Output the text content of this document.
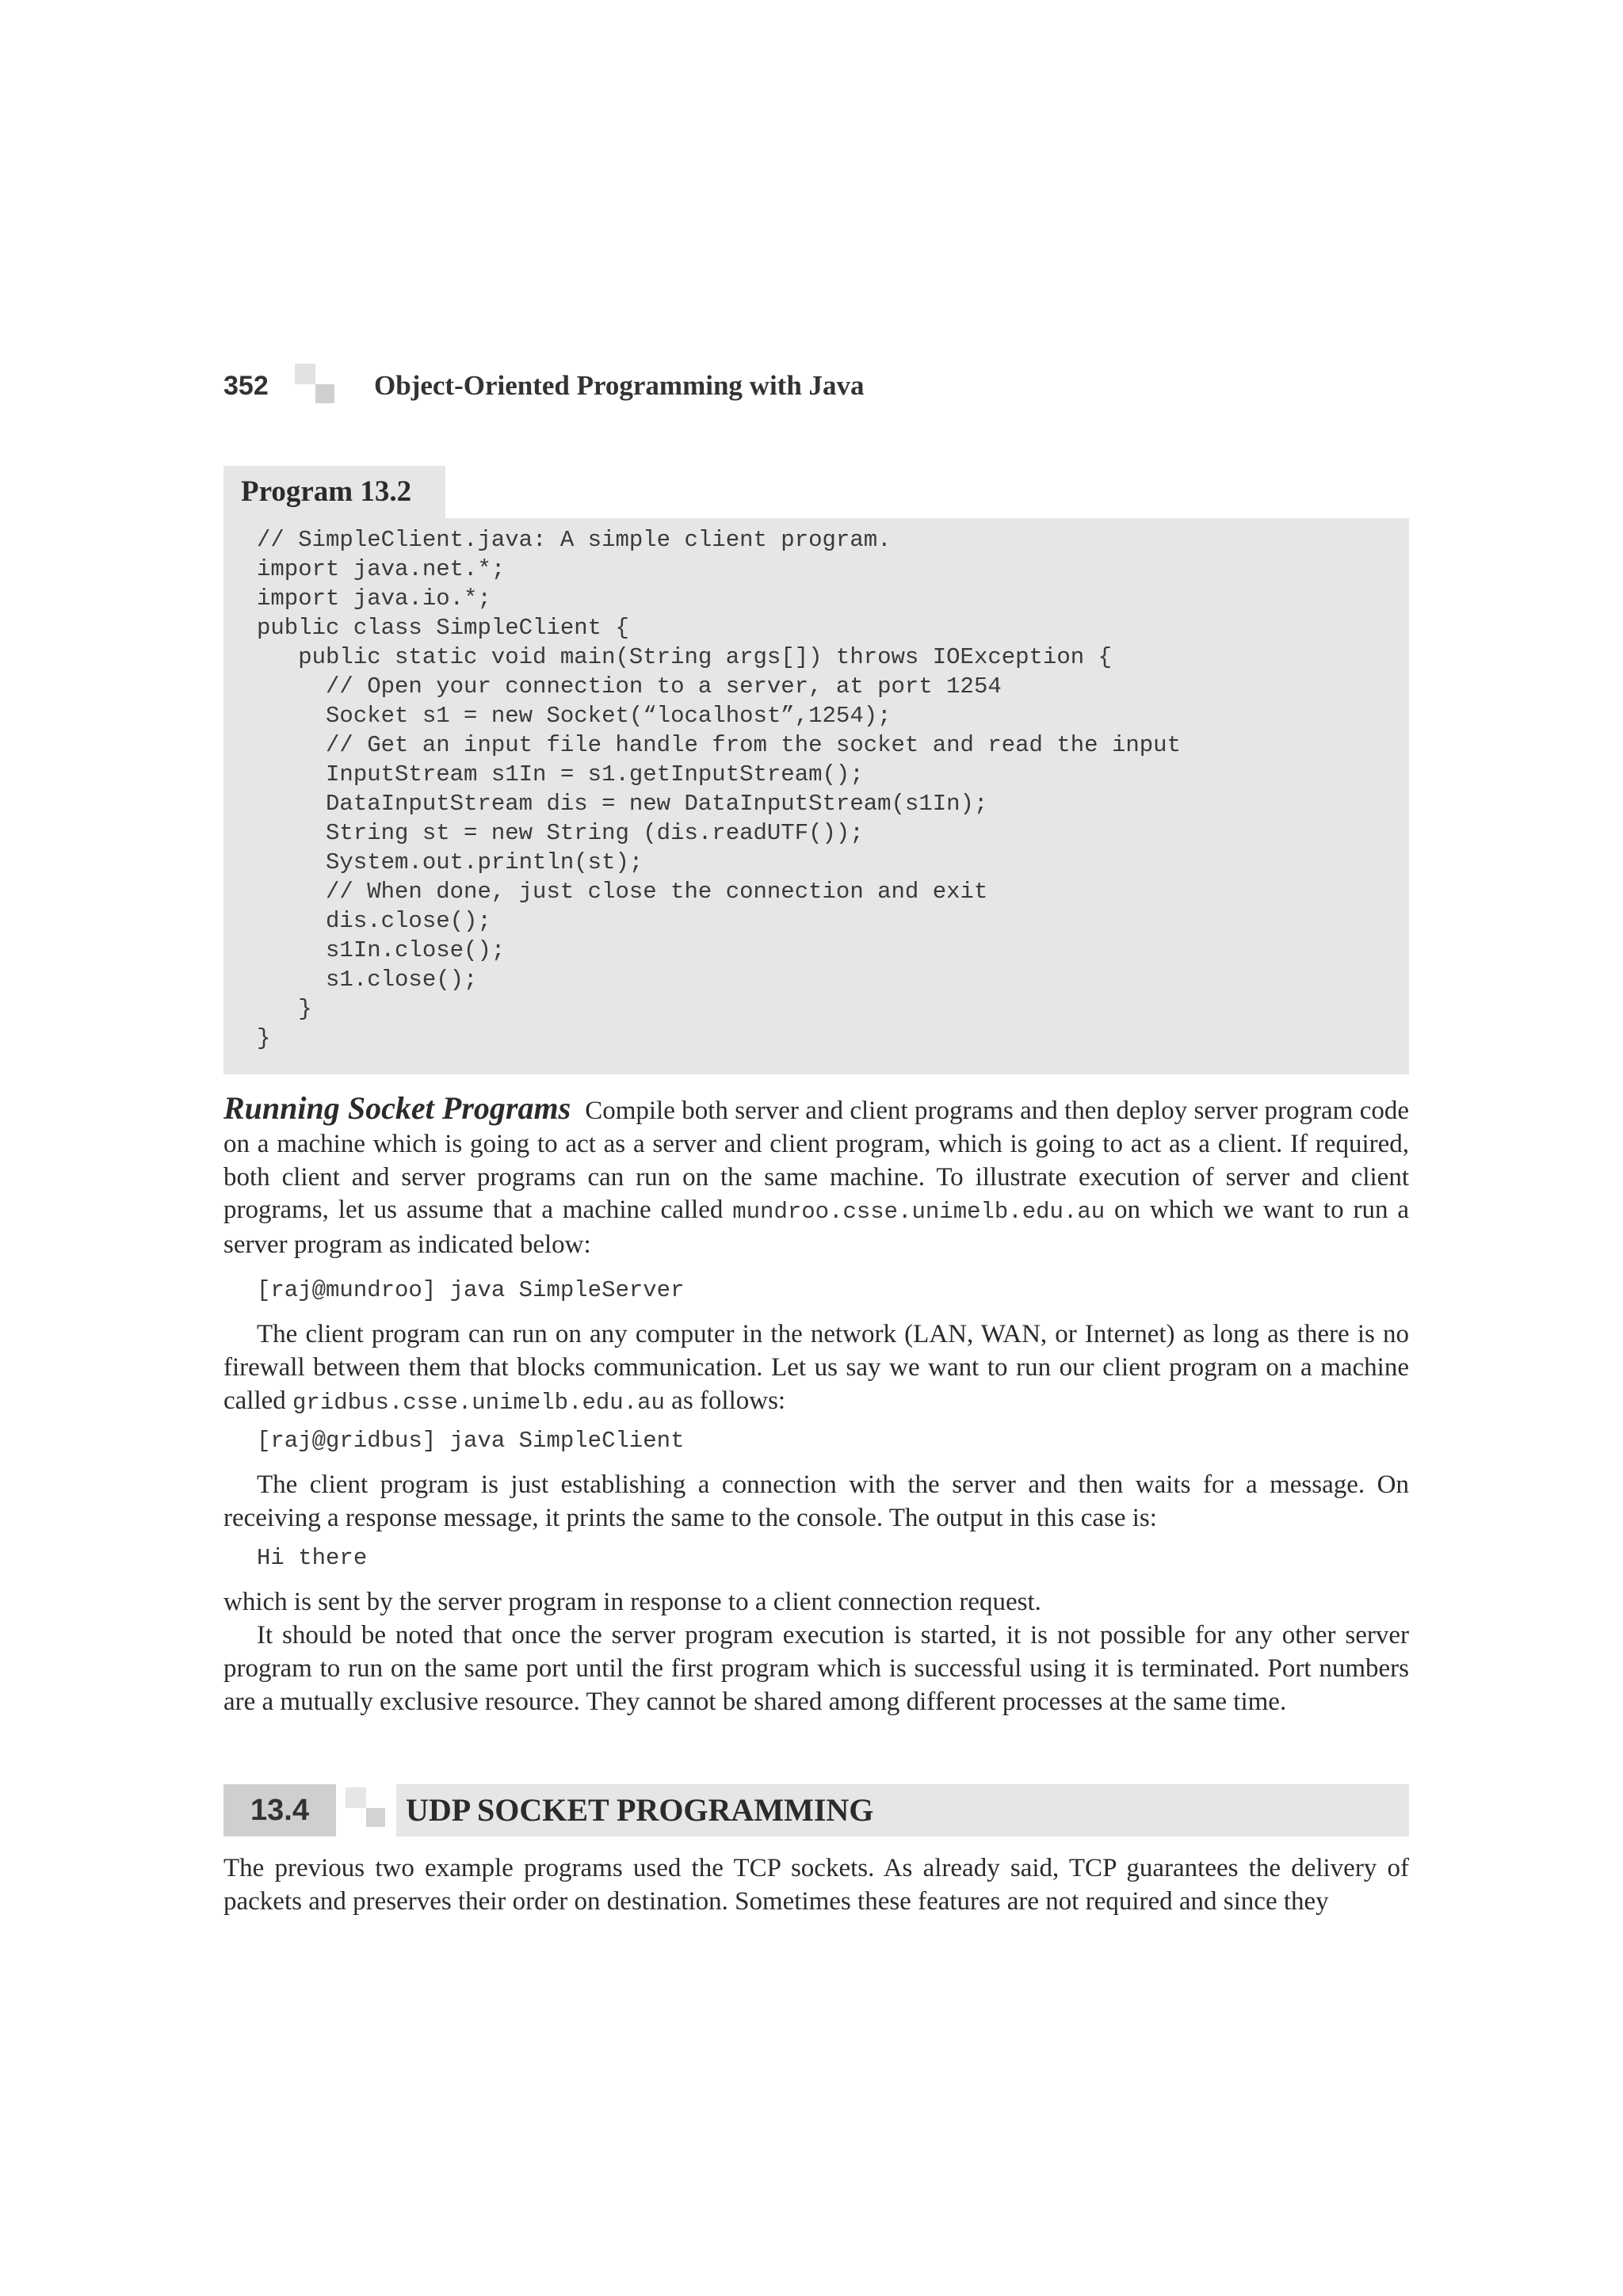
352	Object-Oriented Programming with Java
Program 13.2
// SimpleClient.java: A simple client program.
import java.net.*;
import java.io.*;
public class SimpleClient {
public static void main(String args[]) throws IOException {
// Open your connection to a server, at port 1254
Socket s1 = new Socket(“localhost”,1254);
// Get an input file handle from the socket and read the input
InputStream s1In = s1.getInputStream();
DataInputStream dis = new DataInputStream(s1In);
String st = new String (dis.readUTF());
System.out.println(st);
// When done, just close the connection and exit
dis.close();
s1In.close();
s1.close();
}
}
Running Socket Programs Compile both server and client programs and then deploy server program code on a machine which is going to act as a server and client program, which is going to act as a client. If required, both client and server programs can run on the same machine. To illustrate execution of server and client programs, let us assume that a machine called mundroo.csse.unimelb.edu.au on which we want to run a server program as indicated below:
[raj@mundroo] java SimpleServer
The client program can run on any computer in the network (LAN, WAN, or Internet) as long as there is no firewall between them that blocks communication. Let us say we want to run our client program on a machine called gridbus.csse.unimelb.edu.au as follows:
[raj@gridbus] java SimpleClient
The client program is just establishing a connection with the server and then waits for a message. On receiving a response message, it prints the same to the console. The output in this case is:
Hi there
which is sent by the server program in response to a client connection request.
It should be noted that once the server program execution is started, it is not possible for any other server program to run on the same port until the first program which is successful using it is terminated. Port numbers are a mutually exclusive resource. They cannot be shared among different processes at the same time.
13.4	UDP SOCKET PROGRAMMING
The previous two example programs used the TCP sockets. As already said, TCP guarantees the delivery of packets and preserves their order on destination. Sometimes these features are not required and since they
